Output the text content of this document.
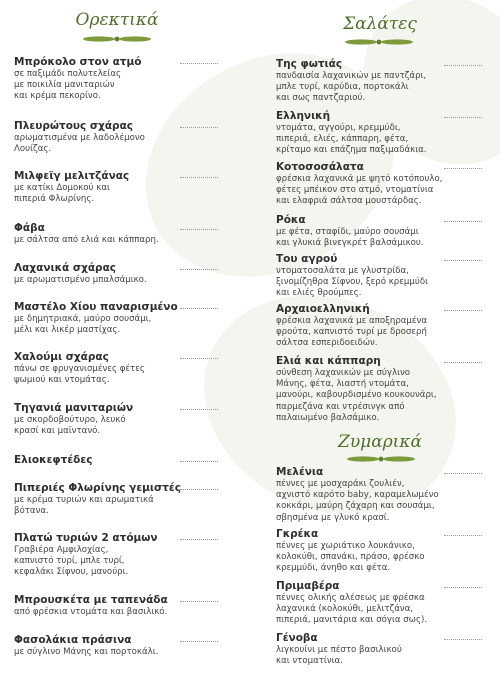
Ορεκτικά
Μπρόκολο στον ατμό
σε παξιμάδι πολυτελείας
με ποικιλία μανιταριών
και κρέμα πεκορίνο.
Πλευρώτους σχάρας
αρωματισμένα με λαδολέμονο
Λουίζας.
Μιλφεϊγ μελιτζάνας
με κατίκι Δομοκού και
πιπεριά Φλωρίνης.
Φάβα
με σάλτσα από ελιά και κάππαρη.
Λαχανικά σχάρας
με αρωματισμένο μπαλσάμικο.
Μαστέλο Χίου παναρισμένο
με δημητριακά, μαύρο σουσάμι,
μέλι και λικέρ μαστίχας.
Χαλούμι σχάρας
πάνω σε φρυγανισμένες φέτες
ψωμιού και ντομάτας.
Τηγανιά μανιταριών
με σκορδοβούτυρο, λευκό
κρασί και μαϊντανό.
Ελιοκεφτέδες
Πιπεριές Φλωρίνης γεμιστές
με κρέμα τυριών και αρωματικά
βότανα.
Πλατώ τυριών 2 ατόμων
Γραβιέρα Αμφιλοχίας,
καπνιστό τυρί, μπλε τυρί,
κεφαλάκι Σίφνου, μανούρι.
Μπρουσκέτα με ταπενάδα
από φρέσκια ντομάτα και βασιλικό.
Φασολάκια πράσινα
με σύγλινο Μάνης και πορτοκάλι.
Σαλάτες
Της φωτιάς
πανδαισία λαχανικών με παντζάρι,
μπλε τυρί, καρύδια, πορτοκάλι
και σως παντζαριού.
Ελληνική
ντομάτα, αγγούρι, κρεμμύδι,
πιπεριά, ελιές, κάππαρη, φέτα,
κρίταμο και επάζημα παξιμαδάκια.
Κοτοσοσάλατα
φρέσκια λαχανικά με ψητό κοτόπουλο,
φέτες μπέικον στο ατμό, ντοματίνια
και ελαφριά σάλτσα μουστάρδας.
Ρόκα
με φέτα, σταφίδι, μαύρο σουσάμι
και γλυκιά βινεγκρέτ βαλσάμικου.
Του αγρού
ντοματοσαλάτα με γλυστρίδα,
ξινομίζηθρα Σίφνου, ξερό κρεμμύδι
και ελιές θρούμπες.
Αρχαιοελληνική
φρέσκια λαχανικά με αποξηραμένα
φρούτα, καπνιστό τυρί με δροσερή
σάλτσα εσπεριδοειδών.
Ελιά και κάππαρη
σύνθεση λαχανικών με σύγλινο
Μάνης, φέτα, λιαστή ντομάτα,
μανούρι, καβουρδισμένο κουκουνάρι,
παρμεζάνα και ντρέσινγκ από
παλαιωμένο βαλσάμικο.
Ζυμαρικά
Μελένια
πέννες με μοσχαράκι ζουλιέν,
αχνιστό καρότο baby, καραμελωμένο
κοκκάρι, μαύρη ζάχαρη και σουσάμι,
σβησμένα με γλυκό κρασί.
Γκρέκα
πέννες με χωριάτικο λουκάνικο,
κολοκύθι, σπανάκι, πράσο, φρέσκο
κρεμμύδι, άνηθο και φέτα.
Πριμαβέρα
πέννες ολικής αλέσεως με φρέσκα
λαχανικά (κολοκύθι, μελιτζάνα,
πιπεριά, μανιτάρια και σόγια σως).
Γένοβα
λιγκουίνι με πέστο βασιλικού
και ντοματίνια.
